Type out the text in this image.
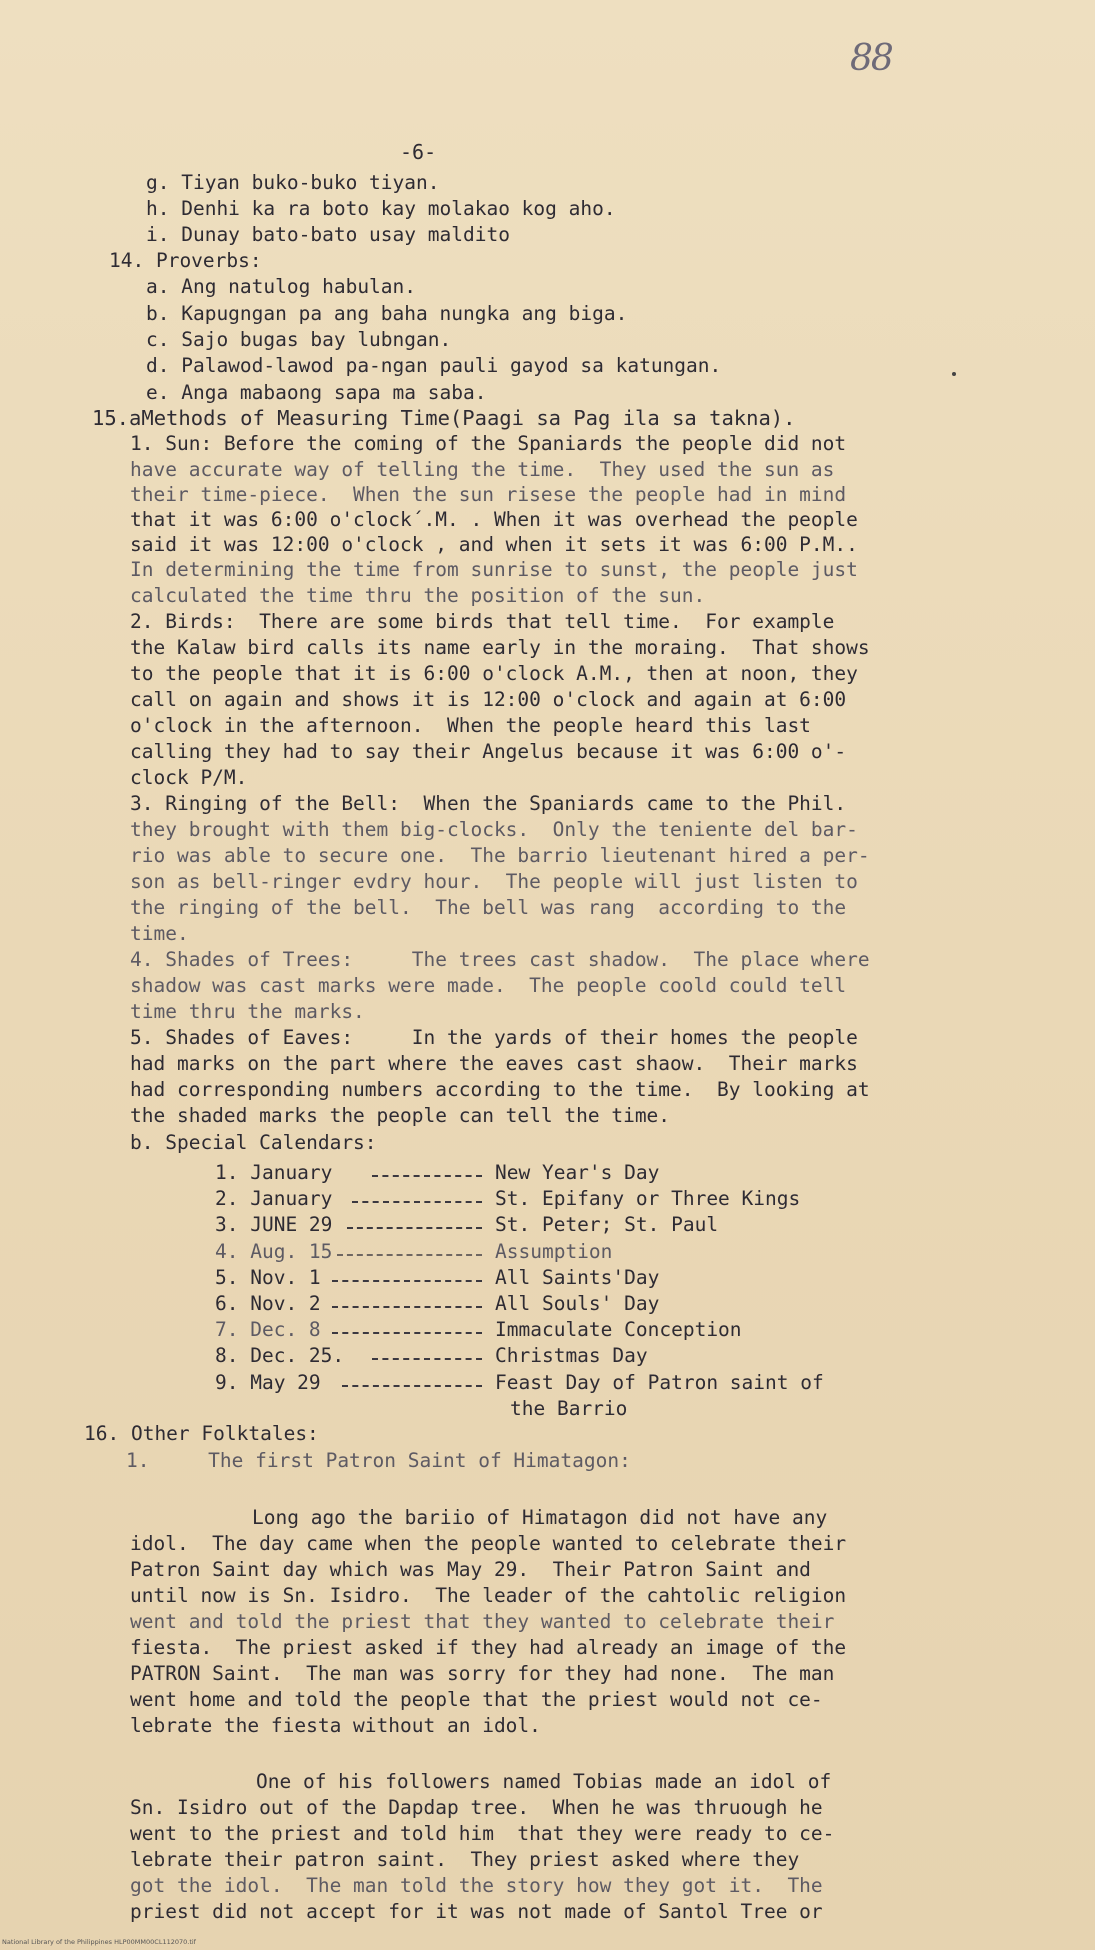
88
-6-
g. Tiyan buko-buko tiyan.
h. Denhi ka ra boto kay molakao kog aho.
i. Dunay bato-bato usay maldito
14. Proverbs:
a. Ang natulog habulan.
b. Kapugngan pa ang baha nungka ang biga.
c. Sajo bugas bay lubngan.
d. Palawod-lawod pa-ngan pauli gayod sa katungan.
e. Anga mabaong sapa ma saba.
15.aMethods of Measuring Time(Paagi sa Pag ila sa takna).
1. Sun: Before the coming of the Spaniards the people did not
have accurate way of telling the time.  They used the sun as
their time-piece.  When the sun risese the people had in mind
that it was 6:00 o'clock´.M. . When it was overhead the people
said it was 12:00 o'clock , and when it sets it was 6:00 P.M..
In determining the time from sunrise to sunst, the people just
calculated the time thru the position of the sun.
2. Birds:  There are some birds that tell time.  For example
the Kalaw bird calls its name early in the moraing.  That shows
to the people that it is 6:00 o'clock A.M., then at noon, they
call on again and shows it is 12:00 o'clock and again at 6:00
o'clock in the afternoon.  When the people heard this last
calling they had to say their Angelus because it was 6:00 o'-
clock P/M.
3. Ringing of the Bell:  When the Spaniards came to the Phil.
they brought with them big-clocks.  Only the teniente del bar-
rio was able to secure one.  The barrio lieutenant hired a per-
son as bell-ringer evdry hour.  The people will just listen to
the ringing of the bell.  The bell was rang  according to the
time.
4. Shades of Trees:     The trees cast shadow.  The place where
shadow was cast marks were made.  The people coold could tell
time thru the marks.
5. Shades of Eaves:     In the yards of their homes the people
had marks on the part where the eaves cast shaow.  Their marks
had corresponding numbers according to the time.  By looking at
the shaded marks the people can tell the time.
b. Special Calendars:
1. January	New Year's Day
2. January	St. Epifany or Three Kings
3. JUNE 29	St. Peter; St. Paul
4. Aug. 15	Assumption
5. Nov. 1	All Saints'Day
6. Nov. 2	All Souls' Day
7. Dec. 8	Immaculate Conception
8. Dec. 25.	Christmas Day
9. May 29	Feast Day of Patron saint of
the Barrio
16. Other Folktales:
1.     The first Patron Saint of Himatagon:
Long ago the bariio of Himatagon did not have any
idol.  The day came when the people wanted to celebrate their
Patron Saint day which was May 29.  Their Patron Saint and
until now is Sn. Isidro.  The leader of the cahtolic religion
went and told the priest that they wanted to celebrate their
fiesta.  The priest asked if they had already an image of the
PATRON Saint.  The man was sorry for they had none.  The man
went home and told the people that the priest would not ce-
lebrate the fiesta without an idol.
One of his followers named Tobias made an idol of
Sn. Isidro out of the Dapdap tree.  When he was thruough he
went to the priest and told him  that they were ready to ce-
lebrate their patron saint.  They priest asked where they
got the idol.  The man told the story how they got it.  The
priest did not accept for it was not made of Santol Tree or
National Library of the Philippines HLP00MM00CL112070.tif
